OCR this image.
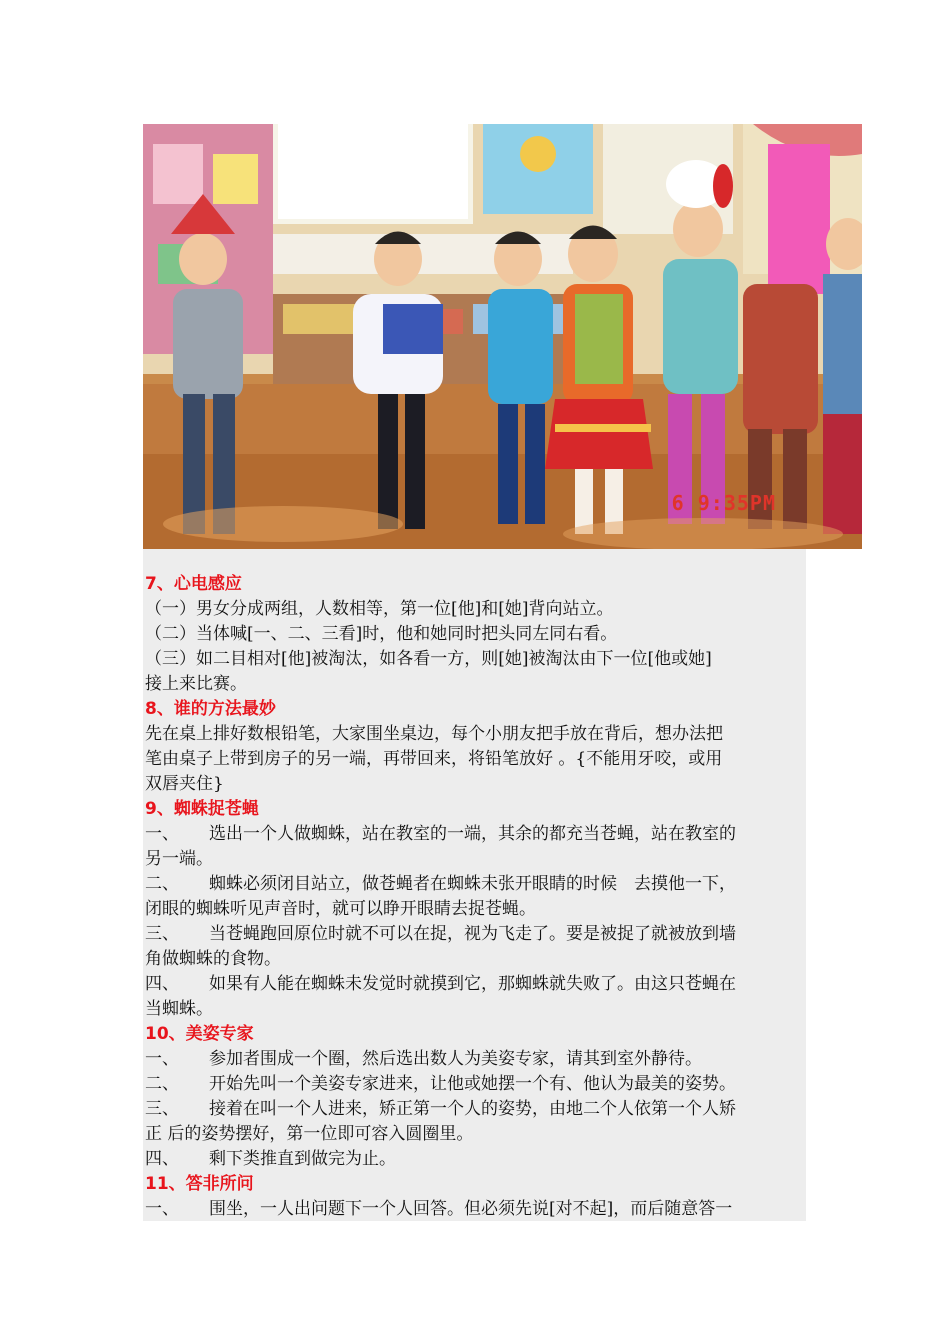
6 9:35PM
7、心电感应
（一）男女分成两组，人数相等，第一位[他]和[她]背向站立。
（二）当体喊[一、二、三看]时，他和她同时把头同左同右看。
（三）如二目相对[他]被淘汰，如各看一方，则[她]被淘汰由下一位[他或她]
接上来比赛。
8、谁的方法最妙
先在桌上排好数根铅笔，大家围坐桌边，每个小朋友把手放在背后，想办法把
笔由桌子上带到房子的另一端，再带回来，将铅笔放好 。{不能用牙咬，或用
双唇夹住}
9、蜘蛛捉苍蝇
一、 选出一个人做蜘蛛，站在教室的一端，其余的都充当苍蝇，站在教室的
另一端。
二、 蜘蛛必须闭目站立，做苍蝇者在蜘蛛未张开眼睛的时候　去摸他一下，
闭眼的蜘蛛听见声音时，就可以睁开眼睛去捉苍蝇。
三、 当苍蝇跑回原位时就不可以在捉，视为飞走了。要是被捉了就被放到墙
角做蜘蛛的食物。
四、 如果有人能在蜘蛛未发觉时就摸到它，那蜘蛛就失败了。由这只苍蝇在
当蜘蛛。
10、美姿专家
一、 参加者围成一个圈，然后选出数人为美姿专家，请其到室外静待。
二、 开始先叫一个美姿专家进来，让他或她摆一个有、他认为最美的姿势。
三、 接着在叫一个人进来，矫正第一个人的姿势，由地二个人依第一个人矫
正 后的姿势摆好，第一位即可容入圆圈里。
四、 剩下类推直到做完为止。
11、答非所问
一、 围坐，一人出问题下一个人回答。但必须先说[对不起]，而后随意答一
